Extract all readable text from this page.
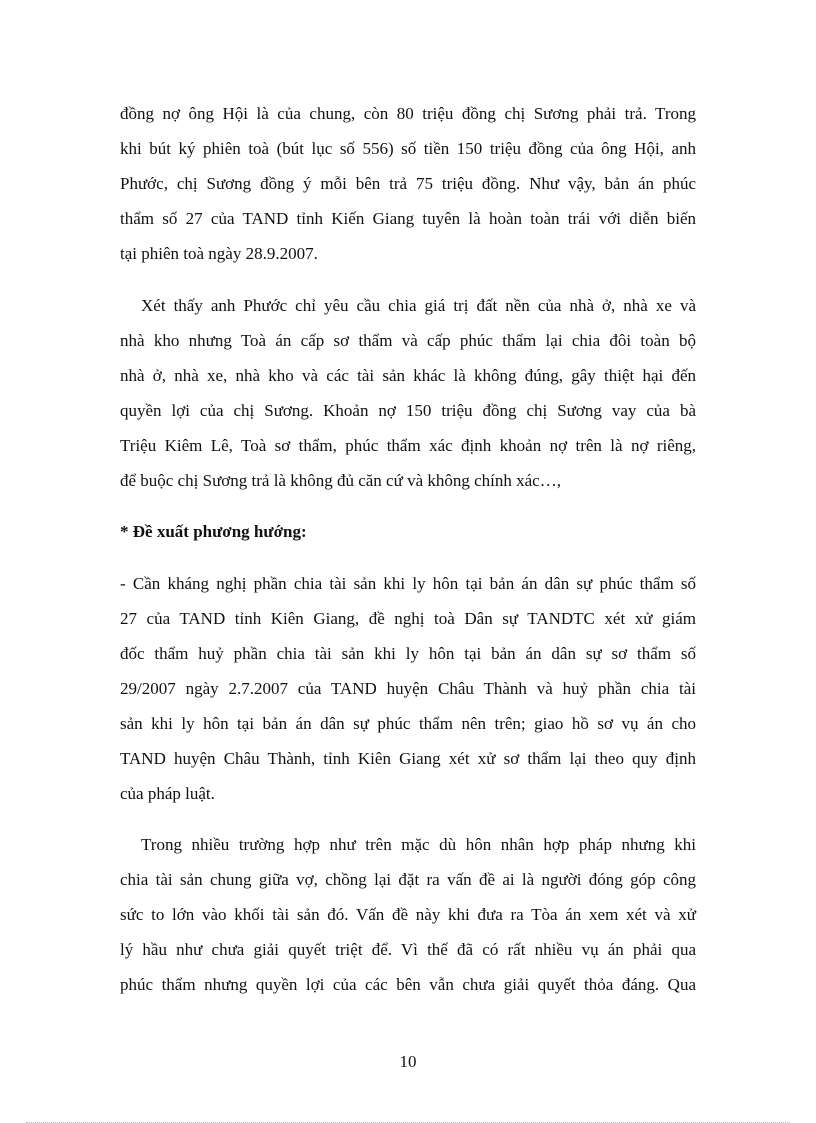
đồng nợ ông Hội là của chung, còn 80 triệu đồng chị Sương phải trả. Trong
khi bút ký phiên toà (bút lục số 556) số tiền 150 triệu đồng của ông Hội, anh
Phước, chị Sương đồng ý mỗi bên trả 75 triệu đồng. Như vậy, bản án phúc
thẩm số 27 của TAND tỉnh Kiến Giang tuyên là hoàn toàn trái với diễn biến
tại phiên toà ngày 28.9.2007.
Xét thấy anh Phước chỉ yêu cầu chia giá trị đất nền của nhà ở, nhà xe và
nhà kho nhưng Toà án cấp sơ thẩm và cấp phúc thẩm lại chia đôi toàn bộ
nhà ở, nhà xe, nhà kho và các tài sản khác là không đúng, gây thiệt hại đến
quyền lợi của chị Sương. Khoản nợ 150 triệu đồng chị Sương vay của bà
Triệu Kiêm Lê, Toà sơ thẩm, phúc thẩm xác định khoản nợ trên là nợ riêng,
để buộc chị Sương trả là không đủ căn cứ và không chính xác…,
* Đề xuất phương hướng:
- Cần kháng nghị phần chia tài sản khi ly hôn tại bản án dân sự phúc thẩm số
27 của TAND tỉnh Kiên Giang, đề nghị toà Dân sự TANDTC xét xử giám
đốc thẩm huỷ phần chia tài sản khi ly hôn tại bản án dân sự sơ thẩm số
29/2007 ngày 2.7.2007 của TAND huyện Châu Thành và huỷ phần chia tài
sản khi ly hôn tại bản án dân sự phúc thẩm nên trên; giao hồ sơ vụ án cho
TAND huyện Châu Thành, tỉnh Kiên Giang xét xử sơ thẩm lại theo quy định
của pháp luật.
Trong nhiều trường hợp như trên mặc dù hôn nhân hợp pháp nhưng khi
chia tài sản chung giữa vợ, chồng lại đặt ra vấn đề ai là người đóng góp công
sức to lớn vào khối tài sản đó. Vấn đề này khi đưa ra Tòa án xem xét và xử
lý hầu như chưa giải quyết triệt để. Vì thế đã có rất nhiều vụ án phải qua
phúc thẩm nhưng quyền lợi của các bên vẫn chưa giải quyết thỏa đáng. Qua
10
